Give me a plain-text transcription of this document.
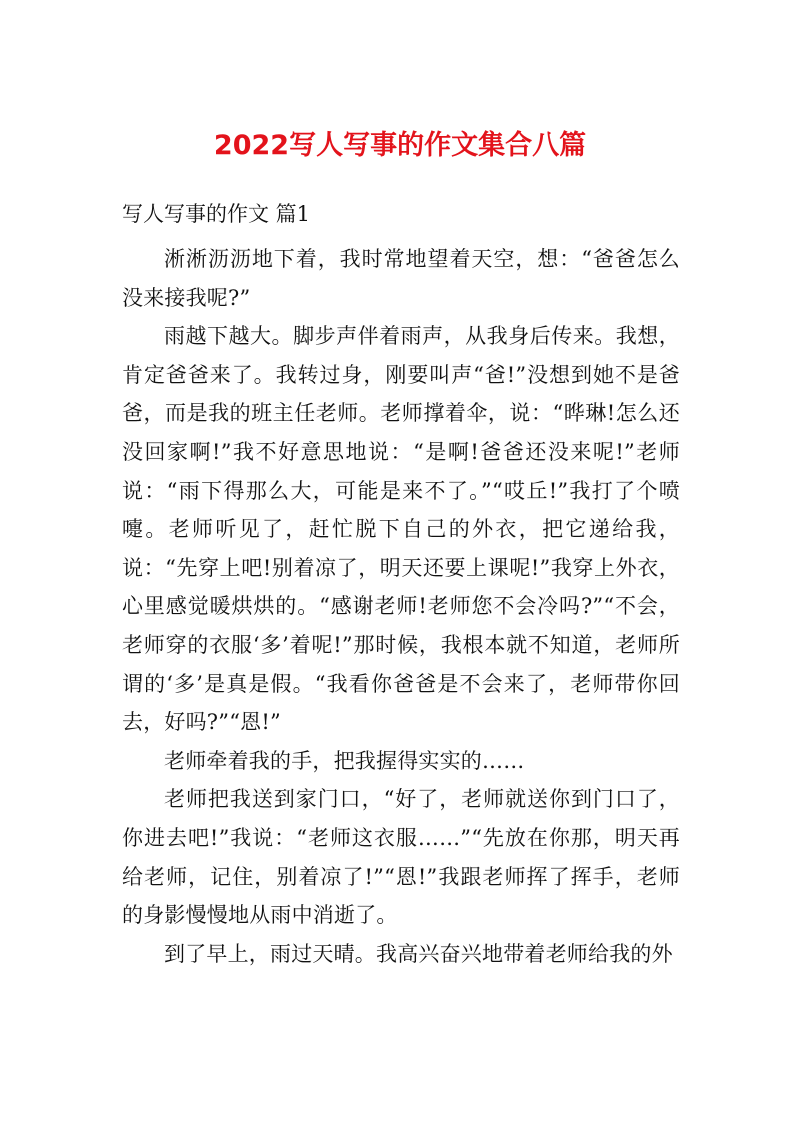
2022写人写事的作文集合八篇

写人写事的作文 篇1

淅淅沥沥地下着，我时常地望着天空，想：“爸爸怎么没来接我呢?”

雨越下越大。脚步声伴着雨声，从我身后传来。我想，肯定爸爸来了。我转过身，刚要叫声“爸!”没想到她不是爸爸，而是我的班主任老师。老师撑着伞，说：“晔琳!怎么还没回家啊!”我不好意思地说：“是啊!爸爸还没来呢!”老师说：“雨下得那么大，可能是来不了。”“哎丘!”我打了个喷嚏。老师听见了，赶忙脱下自己的外衣，把它递给我，说：“先穿上吧!别着凉了，明天还要上课呢!”我穿上外衣，心里感觉暖烘烘的。“感谢老师!老师您不会冷吗?”“不会，老师穿的衣服‘多’着呢!”那时候，我根本就不知道，老师所谓的‘多’是真是假。“我看你爸爸是不会来了，老师带你回去，好吗?”“恩!”

老师牵着我的手，把我握得实实的……

老师把我送到家门口，“好了，老师就送你到门口了，你进去吧!”我说：“老师这衣服……”“先放在你那，明天再给老师，记住，别着凉了!”“恩!”我跟老师挥了挥手，老师的身影慢慢地从雨中消逝了。

到了早上，雨过天晴。我高兴奋兴地带着老师给我的外
